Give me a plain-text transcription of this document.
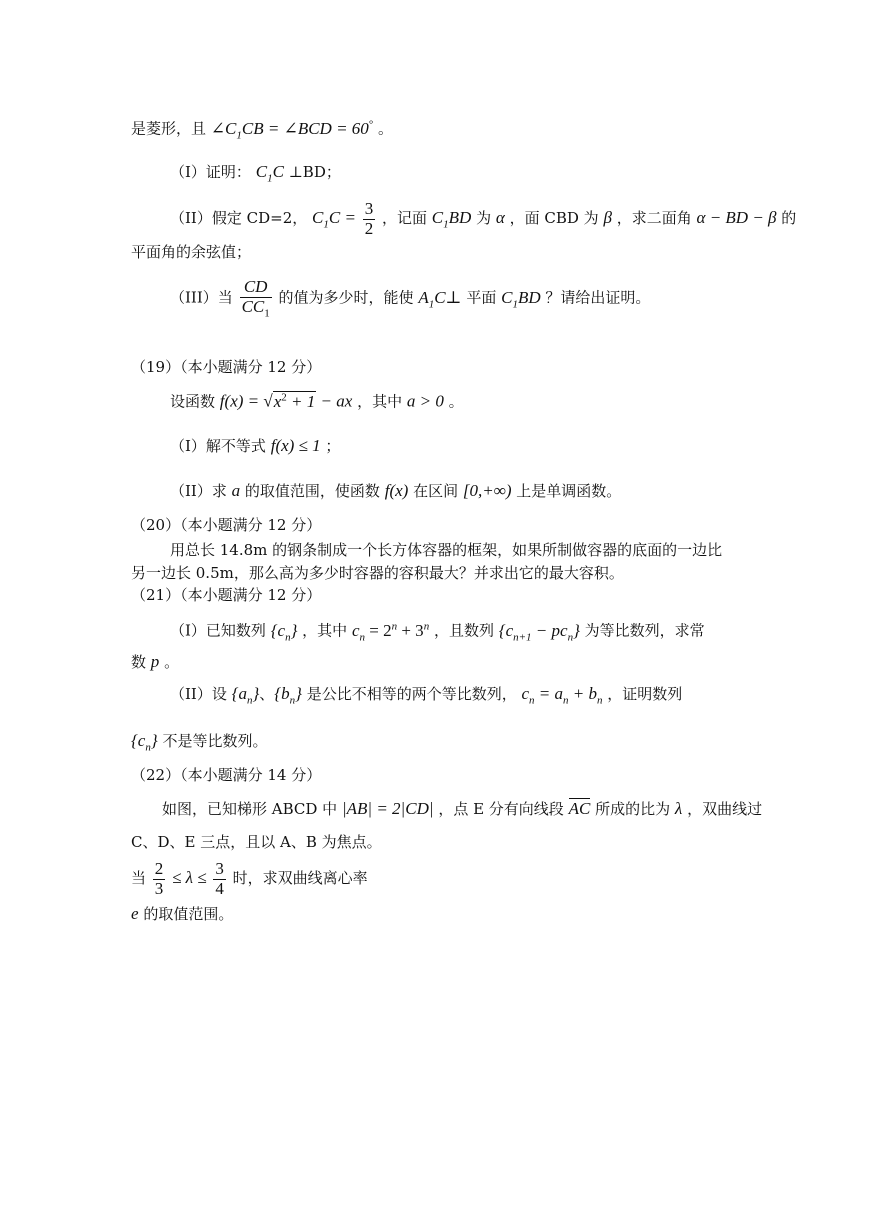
是菱形，且 $\angle C_1CB$ = ∠BCD = 60° 。
（I）证明： $C_1C$ ⊥BD；
（II）假定 CD=2， $C_1C = \frac{3}{2}$ ，记面 $C_1BD$ 为 α ，面 CBD 为 β ，求二面角 α − BD − β 的
平面角的余弦值；
（III）当 $\frac{CD}{CC_1}$ 的值为多少时，能使 $A_1C\perp$ 平面 $C_1BD$ ？请给出证明。
（19）（本小题满分 12 分）
设函数 $f(x) = √x^2 + 1$ − ax ，其中 a > 0 。
（I）解不等式 f(x) ≤ 1 ；
（II）求 a 的取值范围，使函数 f(x) 在区间 [0,+∞) 上是单调函数。
（20）（本小题满分 12 分）
用总长 14.8m 的钢条制成一个长方体容器的框架，如果所制做容器的底面的一边比
另一边长 0.5m，那么高为多少时容器的容积最大？并求出它的最大容积。
（21）（本小题满分 12 分）
（I）已知数列 $\{c_n\}$ ，其中 $c_n = 2^n + 3^n$ ，且数列 $\{c_{n+1} - pc_n\}$ 为等比数列，求常
数 p 。
（II）设 $\{a_n\}$、$\{b_n\}$ 是公比不相等的两个等比数列， $c_n = a_n + b_n$ ，证明数列
$\{c_n\}$ 不是等比数列。
（22）（本小题满分 14 分）
如图，已知梯形 ABCD 中 |AB| = 2|CD| ，点 E 分有向线段 AC 所成的比为 λ ，双曲线过
C、D、E 三点，且以 A、B 为焦点。
当 $\frac{2}{3} \le \lambda \le \frac{3}{4}$ 时，求双曲线离心率
e 的取值范围。
